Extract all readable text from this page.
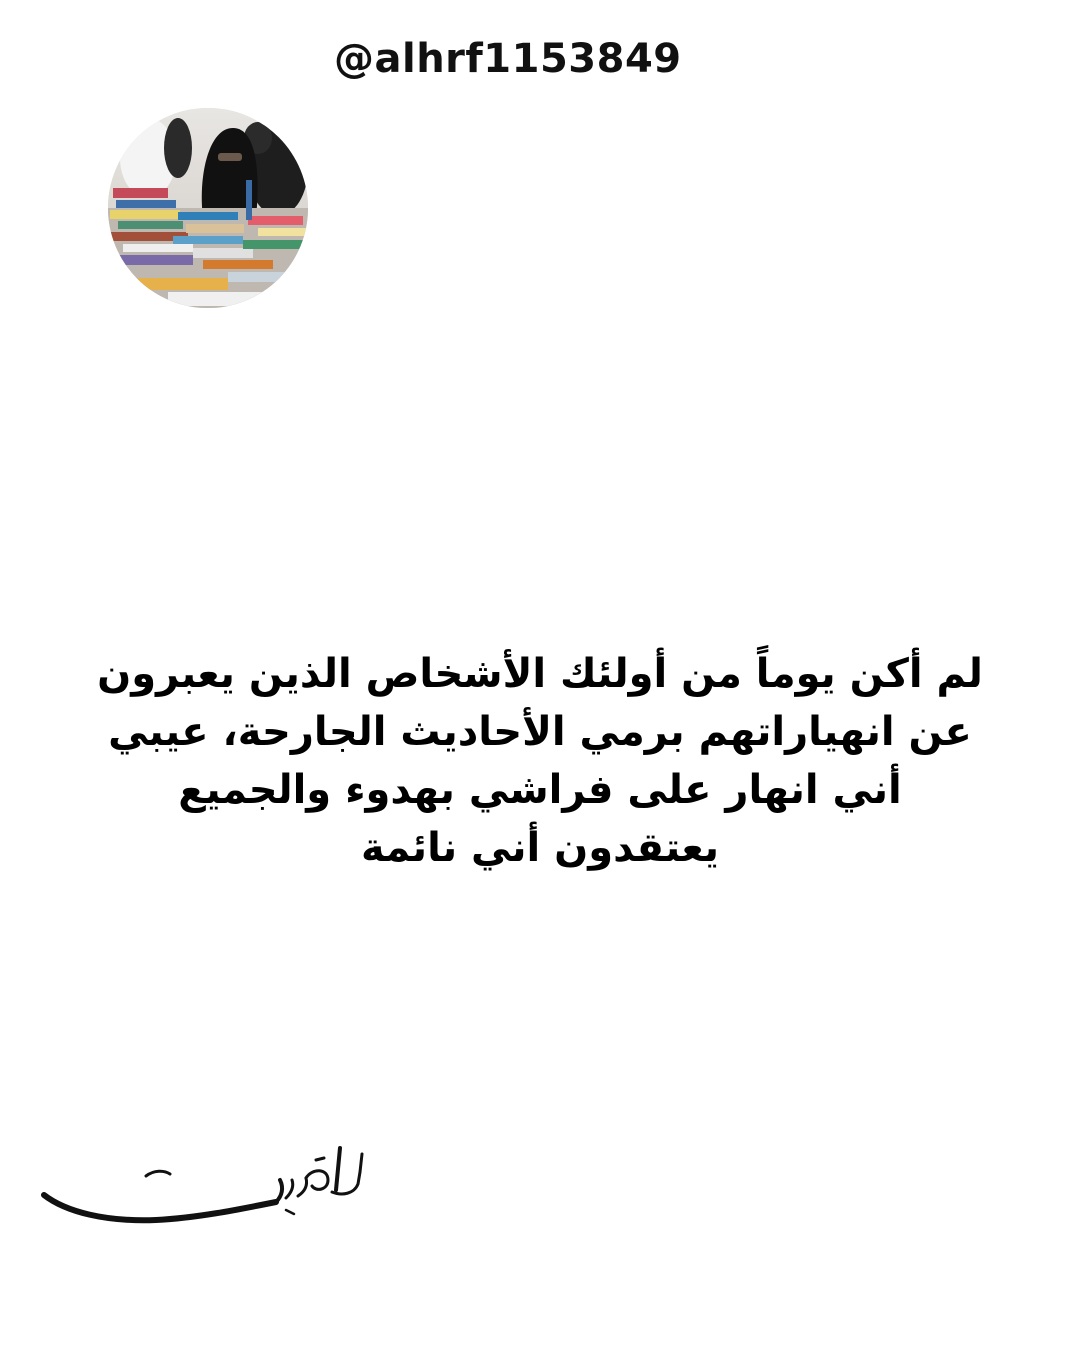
@alhrf1153849
لم أكن يوماً من أولئك الأشخاص الذين يعبرون عن انهياراتهم برمي الأحاديث الجارحة، عيبي أني انهار على فراشي بهدوء والجميع يعتقدون أني نائمة
